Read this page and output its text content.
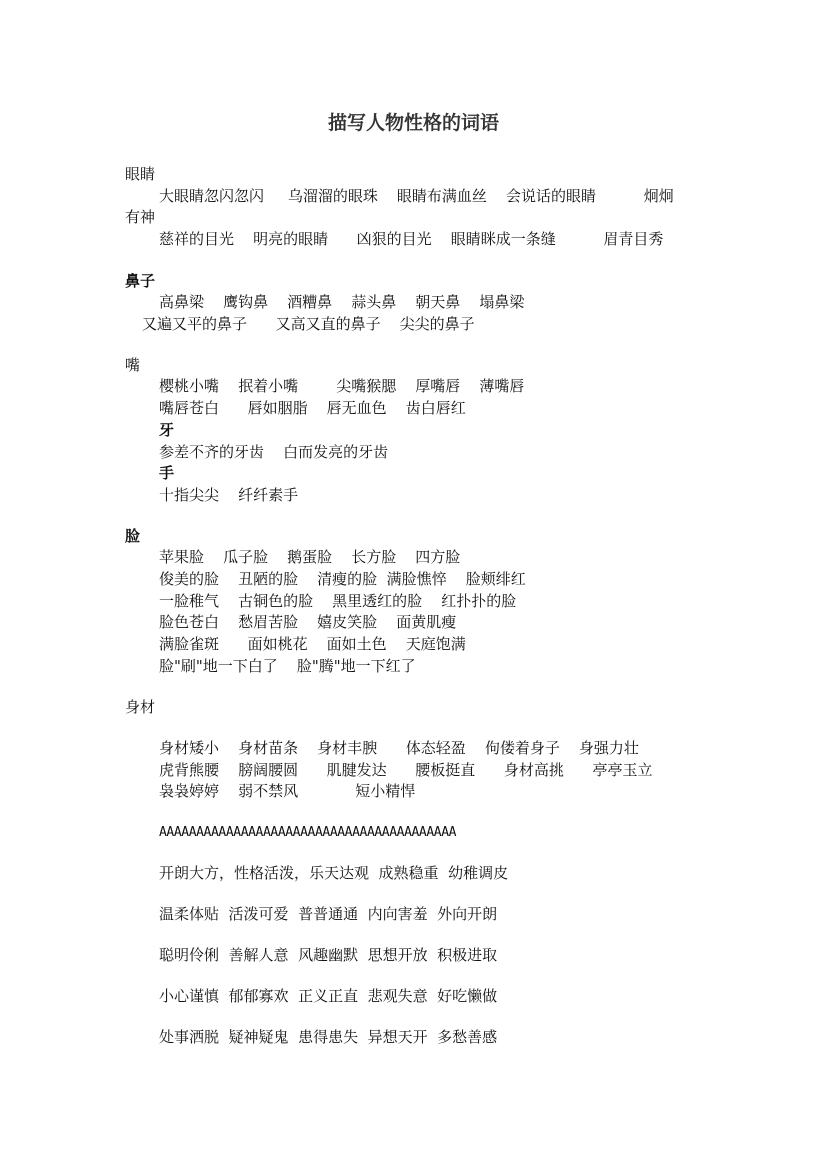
描写人物性格的词语
眼睛
大眼睛忽闪忽闪     乌溜溜的眼珠    眼睛布满血丝    会说话的眼睛          炯炯
有神
慈祥的目光    明亮的眼睛      凶狠的目光    眼睛眯成一条缝          眉青目秀
鼻子
高鼻梁    鹰钩鼻    酒糟鼻    蒜头鼻    朝天鼻    塌鼻梁
又遍又平的鼻子      又高又直的鼻子    尖尖的鼻子
嘴
樱桃小嘴    抿着小嘴        尖嘴猴腮    厚嘴唇    薄嘴唇
嘴唇苍白      唇如胭脂    唇无血色    齿白唇红
牙
参差不齐的牙齿    白而发亮的牙齿
手
十指尖尖    纤纤素手
脸
苹果脸    瓜子脸    鹅蛋脸    长方脸    四方脸
俊美的脸    丑陋的脸    清瘦的脸  满脸憔悴    脸颊绯红
一脸稚气    古铜色的脸    黑里透红的脸    红扑扑的脸
脸色苍白    愁眉苦脸    嬉皮笑脸    面黄肌瘦
满脸雀斑      面如桃花    面如土色    天庭饱满
脸"刷"地一下白了    脸"腾"地一下红了
身材
身材矮小    身材苗条    身材丰腴      体态轻盈    佝偻着身子    身强力壮
虎背熊腰    膀阔腰圆      肌腱发达      腰板挺直      身材高挑      亭亭玉立
袅袅婷婷    弱不禁风            短小精悍
AAAAAAAAAAAAAAAAAAAAAAAAAAAAAAAAAAAAAAAA
开朗大方，性格活泼，乐天达观  成熟稳重  幼稚调皮
温柔体贴  活泼可爱  普普通通  内向害羞  外向开朗
聪明伶俐  善解人意  风趣幽默  思想开放  积极进取
小心谨慎  郁郁寡欢  正义正直  悲观失意  好吃懒做
处事洒脱  疑神疑鬼  患得患失  异想天开  多愁善感
